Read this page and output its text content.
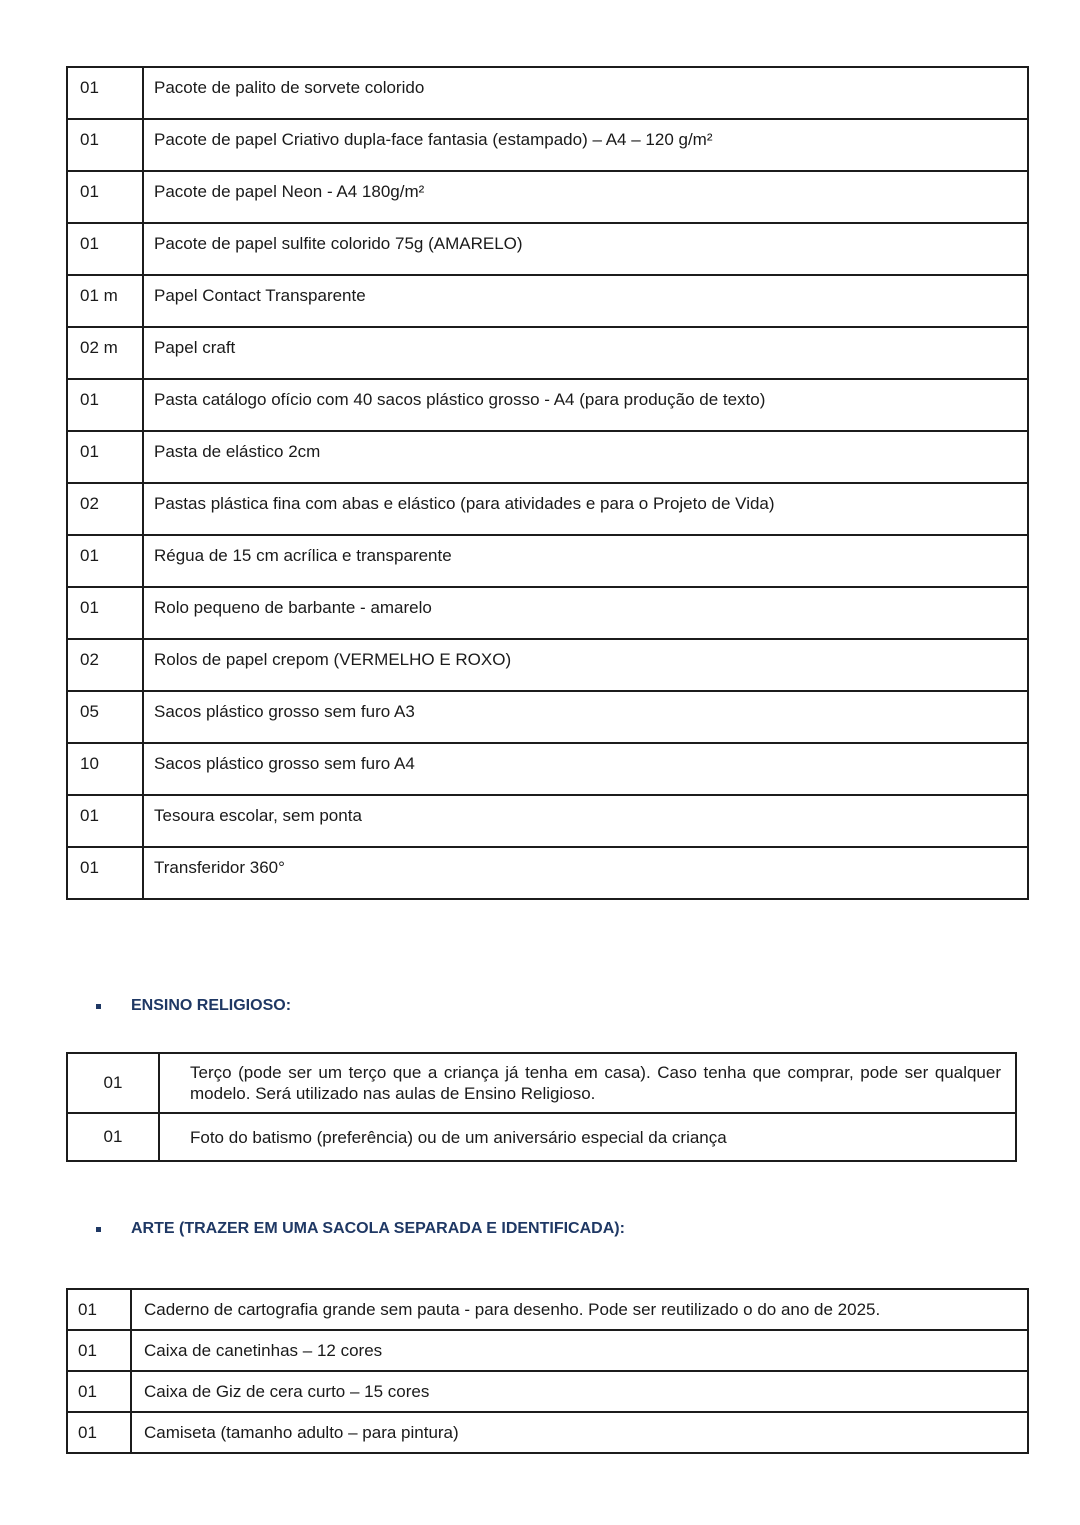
01	Pacote de palito de sorvete colorido
01	Pacote de papel Criativo dupla-face fantasia (estampado) – A4 – 120 g/m²
01	Pacote de papel Neon - A4 180g/m²
01	Pacote de papel sulfite colorido 75g (AMARELO)
01 m	Papel Contact Transparente
02 m	Papel craft
01	Pasta catálogo ofício com 40 sacos plástico grosso - A4 (para produção de texto)
01	Pasta de elástico 2cm
02	Pastas plástica fina com abas e elástico (para atividades e para o Projeto de Vida)
01	Régua de 15 cm acrílica e transparente
01	Rolo pequeno de barbante - amarelo
02	Rolos de papel crepom (VERMELHO E ROXO)
05	Sacos plástico grosso sem furo A3
10	Sacos plástico grosso sem furo A4
01	Tesoura escolar, sem ponta
01	Transferidor 360°
ENSINO RELIGIOSO:
01	Terço (pode ser um terço que a criança já tenha em casa). Caso tenha que comprar, pode ser qualquer modelo. Será utilizado nas aulas de Ensino Religioso.
01	Foto do batismo (preferência) ou de um aniversário especial da criança
ARTE (TRAZER EM UMA SACOLA SEPARADA E IDENTIFICADA):
01	Caderno de cartografia grande sem pauta - para desenho. Pode ser reutilizado o do ano de 2025.
01	Caixa de canetinhas – 12 cores
01	Caixa de Giz de cera curto – 15 cores
01	Camiseta (tamanho adulto – para pintura)
